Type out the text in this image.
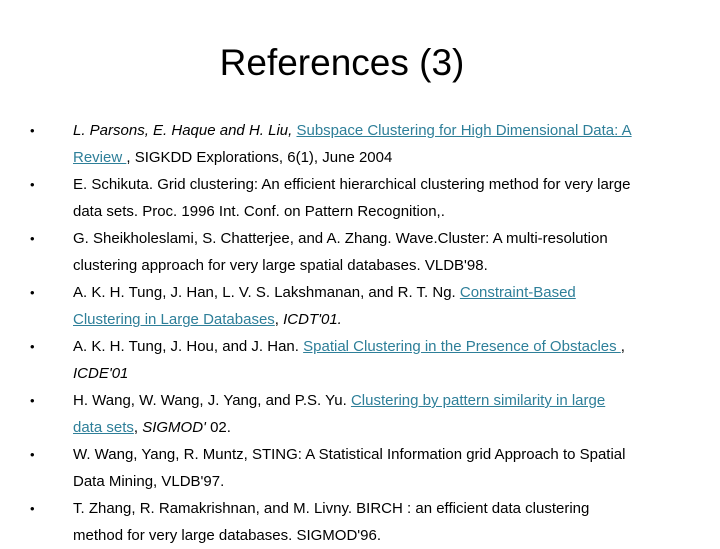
References (3)
•	L. Parsons, E. Haque and H. Liu, Subspace Clustering for High Dimensional Data: A
Review , SIGKDD Explorations, 6(1), June 2004
•	E. Schikuta. Grid clustering: An efficient hierarchical clustering method for very large
data sets. Proc. 1996 Int. Conf. on Pattern Recognition,.
•	G. Sheikholeslami, S. Chatterjee, and A. Zhang. Wave.Cluster: A multi-resolution
clustering approach for very large spatial databases. VLDB'98.
•	A. K. H. Tung, J. Han, L. V. S. Lakshmanan, and R. T. Ng. Constraint-Based
Clustering in Large Databases, ICDT'01.
•	A. K. H. Tung, J. Hou, and J. Han. Spatial Clustering in the Presence of Obstacles ,
ICDE'01
•	H. Wang, W. Wang, J. Yang, and P.S. Yu. Clustering by pattern similarity in large
data sets, SIGMOD' 02.
•	W. Wang, Yang, R. Muntz, STING: A Statistical Information grid Approach to Spatial
Data Mining, VLDB'97.
•	T. Zhang, R. Ramakrishnan, and M. Livny. BIRCH : an efficient data clustering
method for very large databases. SIGMOD'96.
